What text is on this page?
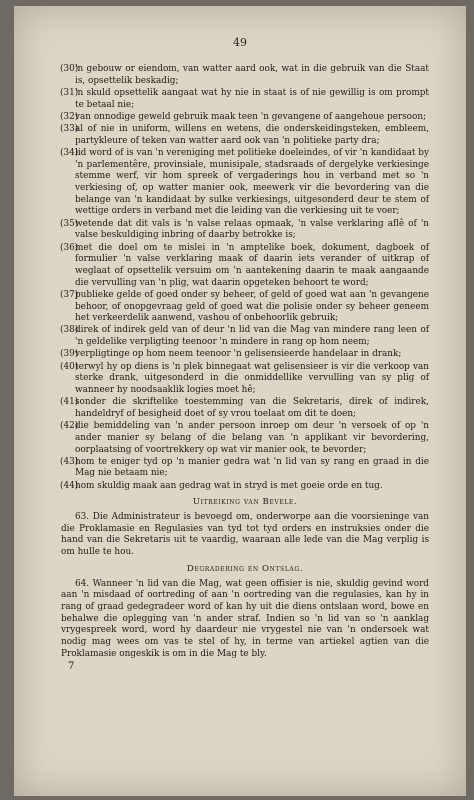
49
(30)
'n gebouw or eiendom, van watter aard ook, wat in die gebruik van die Staat is, opsettelik beskadig;
(31)
'n skuld opsettelik aangaat wat hy nie in staat is of nie gewillig is om prompt te betaal nie;
(32)
van onnodige geweld gebruik maak teen 'n gevangene of aangehoue persoon;
(33)
al of nie in uniform, willens en wetens, die onderskeidingsteken, embleem, partykleure of teken van watter aard ook van 'n politieke party dra;
(34)
lid word of is van 'n vereniging met politieke doeleindes, of vir 'n kandidaat by 'n parlementêre, provinsiale, munisipale, stadsraads of dergelyke verkiesinge stemme werf, vir hom spreek of vergaderings hou in verband met so 'n verkiesing of, op watter manier ook, meewerk vir die bevordering van die belange van 'n kandidaat by sulke verkiesings, uitgesonderd deur te stem of wettige orders in verband met die leiding van die verkiesing uit te voer;
(35)
wetende dat dit vals is 'n valse relaas opmaak, 'n valse verklaring aflê of 'n valse beskuldiging inbring of daarby betrokke is;
(36)
met die doel om te mislei in 'n amptelike boek, dokument, dagboek of formulier 'n valse verklaring maak of daarin iets verander of uitkrap of weglaat of opsettelik versuim om 'n aantekening daarin te maak aangaande die vervulling van 'n plig, wat daarin opgeteken behoort te word;
(37)
publieke gelde of goed onder sy beheer, of geld of goed wat aan 'n gevangene behoor, of onopgevraag geld of goed wat die polisie onder sy beheer geneem het verkeerdelik aanwend, vashou of onbehoorlik gebruik;
(38)
direk of indirek geld van of deur 'n lid van die Mag van mindere rang leen of 'n geldelike verpligting teenoor 'n mindere in rang op hom neem;
(39)
verpligtinge op hom neem teenoor 'n gelisensieerde handelaar in drank;
(40)
terwyl hy op diens is 'n plek binnegaat wat gelisensieer is vir die verkoop van sterke drank, uitgesonderd in die onmiddellike vervulling van sy plig of wanneer hy noodsaaklik logies moet hê;
(41)
sonder die skriftelike toestemming van die Sekretaris, direk of indirek, handeldryf of besigheid doet of sy vrou toelaat om dit te doen;
(42)
die bemiddeling van 'n ander persoon inroep om deur 'n versoek of op 'n ander manier sy belang of die belang van 'n applikant vir bevordering, oorplaatsing of voortrekkery op wat vir manier ook, te bevorder;
(43)
hom te eniger tyd op 'n manier gedra wat 'n lid van sy rang en graad in die Mag nie betaam nie;
(44)
hom skuldig maak aan gedrag wat in stryd is met goeie orde en tug.
Uitreiking van Bevele.
63. Die Administrateur is bevoegd om, onderworpe aan die voorsieninge van die Proklamasie en Regulasies van tyd tot tyd orders en instruksies onder die hand van die Sekretaris uit te vaardig, waaraan alle lede van die Mag verplig is om hulle te hou.
Degradering en Ontslag.
64. Wanneer 'n lid van die Mag, wat geen offisier is nie, skuldig gevind word aan 'n misdaad of oortreding of aan 'n oortreding van die regulasies, kan hy in rang of graad gedegradeer word of kan hy uit die diens ontslaan word, bowe en behalwe die oplegging van 'n ander straf. Indien so 'n lid van so 'n aanklag vrygespreek word, word hy daardeur nie vrygestel nie van 'n ondersoek wat nodig mag wees om vas te stel of hy, in terme van artiekel agtien van die Proklamasie ongeskik is om in die Mag te bly.
7
